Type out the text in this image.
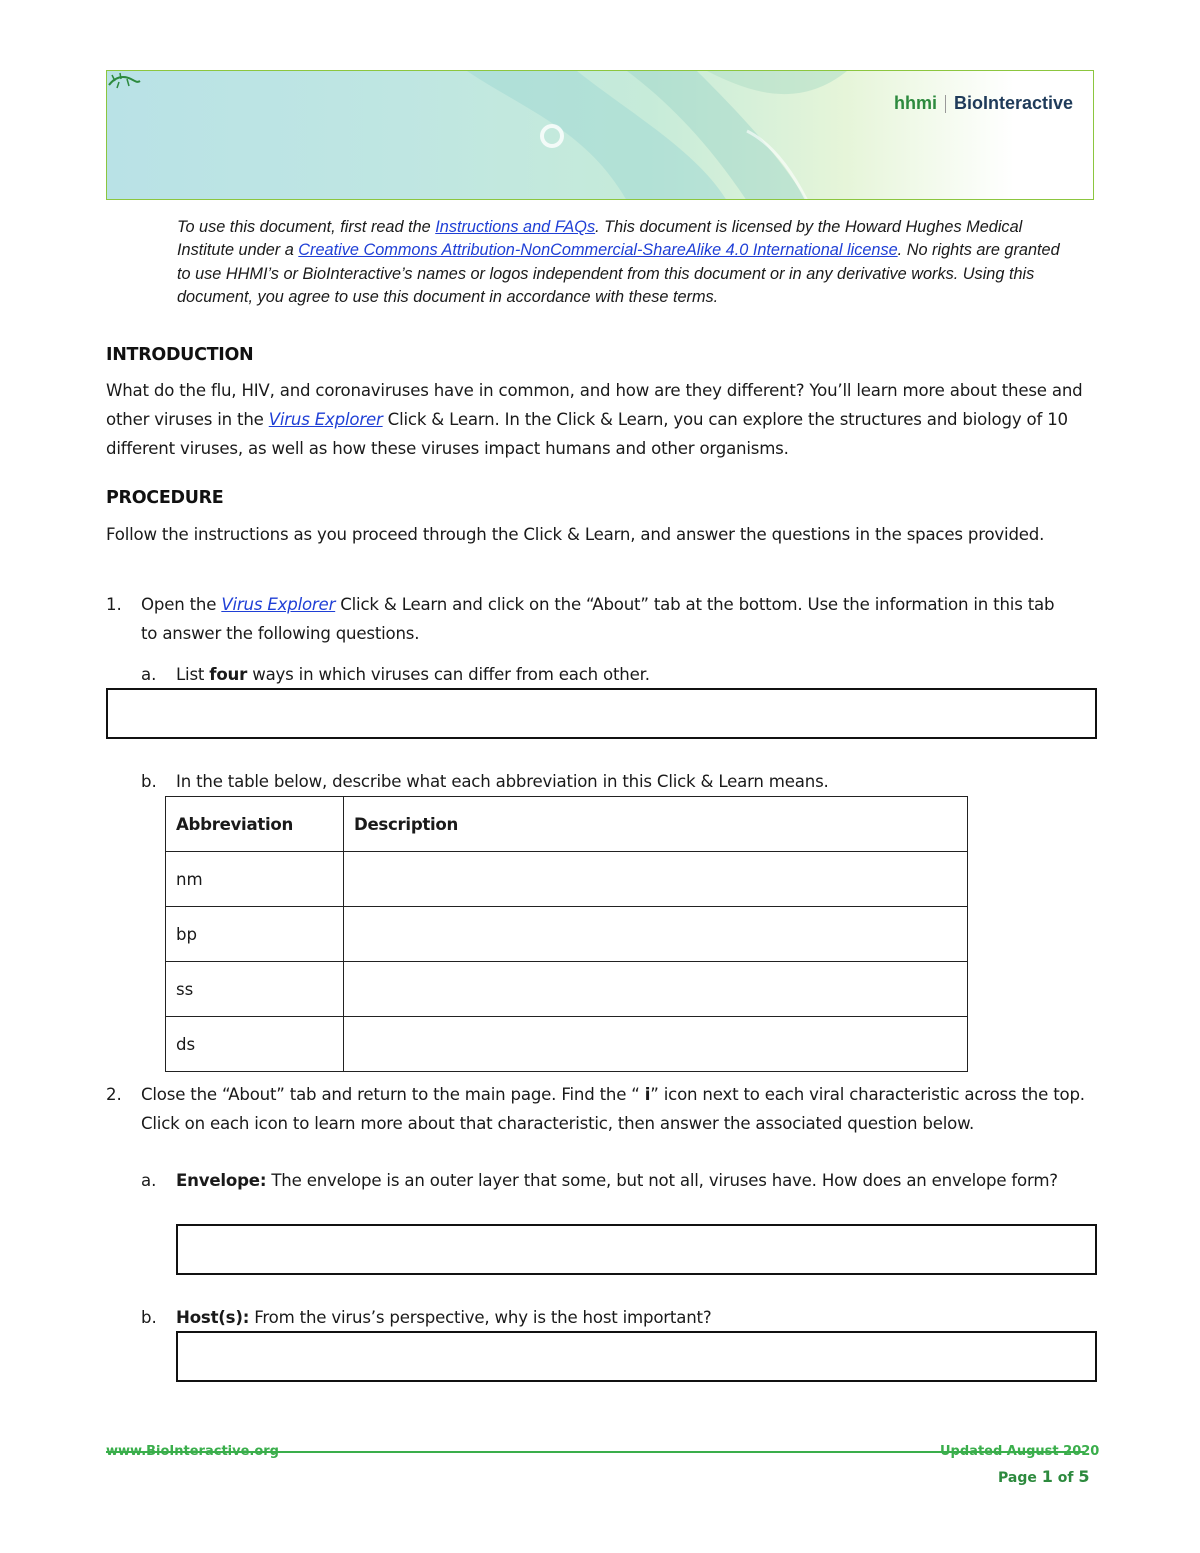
hhmi BioInteractive
To use this document, first read the Instructions and FAQs. This document is licensed by the Howard Hughes Medical Institute under a Creative Commons Attribution-NonCommercial-ShareAlike 4.0 International license. No rights are granted to use HHMI’s or BioInteractive’s names or logos independent from this document or in any derivative works. Using this document, you agree to use this document in accordance with these terms.
INTRODUCTION
What do the flu, HIV, and coronaviruses have in common, and how are they different? You’ll learn more about these and other viruses in the Virus Explorer Click & Learn. In the Click & Learn, you can explore the structures and biology of 10 different viruses, as well as how these viruses impact humans and other organisms.
PROCEDURE
Follow the instructions as you proceed through the Click & Learn, and answer the questions in the spaces provided.
1. Open the Virus Explorer Click & Learn and click on the “About” tab at the bottom. Use the information in this tab to answer the following questions.
a. List four ways in which viruses can differ from each other.
b. In the table below, describe what each abbreviation in this Click & Learn means.
Abbreviation	Description
nm	
bp	
ss	
ds	
2. Close the “About” tab and return to the main page. Find the “ i” icon next to each viral characteristic across the top. Click on each icon to learn more about that characteristic, then answer the associated question below.
a. Envelope: The envelope is an outer layer that some, but not all, viruses have. How does an envelope form?
b. Host(s): From the virus’s perspective, why is the host important?
www.BioInteractive.org	Updated August 2020
Page 1 of 5
